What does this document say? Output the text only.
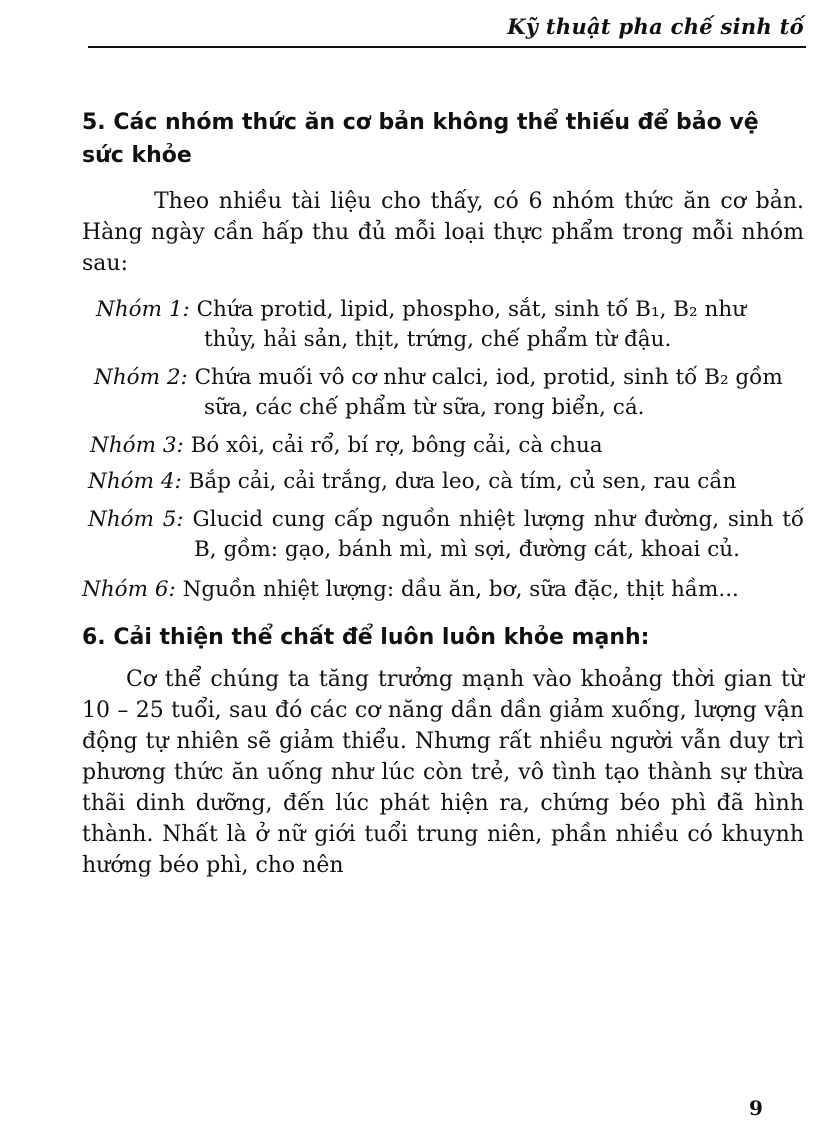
Kỹ thuật pha chế sinh tố
5. Các nhóm thức ăn cơ bản không thể thiếu để bảo vệ sức khỏe

Theo nhiều tài liệu cho thấy, có 6 nhóm thức ăn cơ bản. Hàng ngày cần hấp thu đủ mỗi loại thực phẩm trong mỗi nhóm sau:

Nhóm 1: Chứa protid, lipid, phospho, sắt, sinh tố B₁, B₂ như thủy, hải sản, thịt, trứng, chế phẩm từ đậu.

Nhóm 2: Chứa muối vô cơ như calci, iod, protid, sinh tố B₂ gồm sữa, các chế phẩm từ sữa, rong biển, cá.

Nhóm 3: Bó xôi, cải rổ, bí rợ, bông cải, cà chua

Nhóm 4: Bắp cải, cải trắng, dưa leo, cà tím, củ sen, rau cần

Nhóm 5: Glucid cung cấp nguồn nhiệt lượng như đường, sinh tố B, gồm: gạo, bánh mì, mì sợi, đường cát, khoai củ.

Nhóm 6: Nguồn nhiệt lượng: dầu ăn, bơ, sữa đặc, thịt hầm...

6. Cải thiện thể chất để luôn luôn khỏe mạnh:

Cơ thể chúng ta tăng trưởng mạnh vào khoảng thời gian từ 10 – 25 tuổi, sau đó các cơ năng dần dần giảm xuống, lượng vận động tự nhiên sẽ giảm thiểu. Nhưng rất nhiều người vẫn duy trì phương thức ăn uống như lúc còn trẻ, vô tình tạo thành sự thừa thãi dinh dưỡng, đến lúc phát hiện ra, chứng béo phì đã hình thành. Nhất là ở nữ giới tuổi trung niên, phần nhiều có khuynh hướng béo phì, cho nên

9
